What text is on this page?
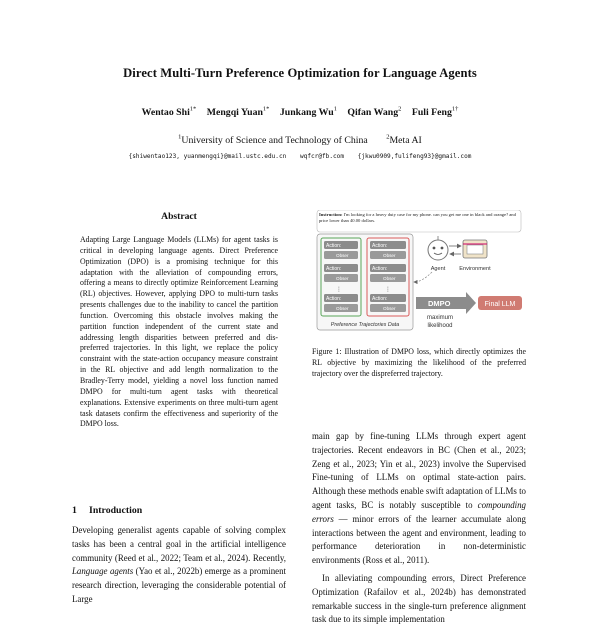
Direct Multi-Turn Preference Optimization for Language Agents
Wentao Shi$^{1*}$ Mengqi Yuan$^{1*}$ Junkang Wu$^1$ Qifan Wang$^2$ Fuli Feng$^{1\dagger}$
$^1$University of Science and Technology of China	$^2$Meta AI
{shiwentao123, yuanmengqi}@mail.ustc.edu.cn wqfcr@fb.com {jkwu0909,fulifeng93}@gmail.com
Abstract
Adapting Large Language Models (LLMs) for agent tasks is critical in developing language agents. Direct Preference Optimization (DPO) is a promising technique for this adaptation with the alleviation of compounding errors, offering a means to directly optimize Reinforcement Learning (RL) objectives. However, applying DPO to multi-turn tasks presents challenges due to the inability to cancel the partition function. Overcoming this obstacle involves making the partition function independent of the current state and addressing length disparities between preferred and dis-preferred trajectories. In this light, we replace the policy constraint with the state-action occupancy measure constraint in the RL objective and add length normalization to the Bradley-Terry model, yielding a novel loss function named DMPO for multi-turn agent tasks with theoretical explanations. Extensive experiments on three multi-turn agent task datasets confirm the effectiveness and superiority of the DMPO loss.
1 Introduction
Developing generalist agents capable of solving complex tasks has been a central goal in the artificial intelligence community (Reed et al., 2022; Team et al., 2024). Recently, Language agents (Yao et al., 2022b) emerge as a prominent research direction, leveraging the considerable potential of Large
Instruction: I'm looking for a heavy duty case for my phone. can you get me one in black and orange? and price lower than 40.00 dollars.
Action:
Obser
Action:
Obser
⋮
Action:
Obser
Action:
Obser
Action:
Obser
⋮
Action:
Obser
Preference Trajectories Data
Agent Environment
DMPO
maximum
likelihood
Final LLM
Figure 1: Illustration of DMPO loss, which directly optimizes the RL objective by maximizing the likelihood of the preferred trajectory over the dispreferred trajectory.

main gap by fine-tuning LLMs through expert agent trajectories. Recent endeavors in BC (Chen et al., 2023; Zeng et al., 2023; Yin et al., 2023) involve the Supervised Fine-tuning of LLMs on optimal state-action pairs. Although these methods enable swift adaptation of LLMs to agent tasks, BC is notably susceptible to compounding errors — minor errors of the learner accumulate along interactions between the agent and environment, leading to performance deterioration in non-deterministic environments (Ross et al., 2011).

In alleviating compounding errors, Direct Preference Optimization (Rafailov et al., 2024b) has demonstrated remarkable success in the single-turn preference alignment task due to its simple implementation
